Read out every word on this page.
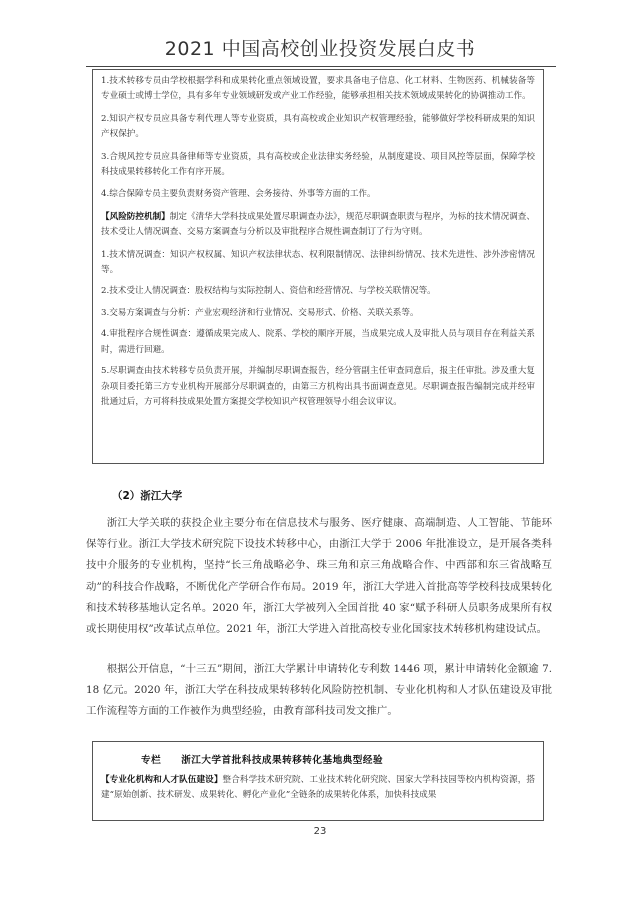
2021 中国高校创业投资发展白皮书

1.技术转移专员由学校根据学科和成果转化重点领域设置，要求具备电子信息、化工材料、生物医药、机械装备等专业硕士或博士学位，具有多年专业领域研发或产业工作经验，能够承担相关技术领域成果转化的协调推动工作。

2.知识产权专员应具备专利代理人等专业资质，具有高校或企业知识产权管理经验，能够做好学校科研成果的知识产权保护。

3.合规风控专员应具备律师等专业资质，具有高校或企业法律实务经验，从制度建设、项目风控等层面，保障学校科技成果转移转化工作有序开展。

4.综合保障专员主要负责财务资产管理、会务接待、外事等方面的工作。

【风险防控机制】制定《清华大学科技成果处置尽职调查办法》，规范尽职调查职责与程序，为标的技术情况调查、技术受让人情况调查、交易方案调查与分析以及审批程序合规性调查制订了行为守则。

1.技术情况调查：知识产权权属、知识产权法律状态、权利限制情况、法律纠纷情况、技术先进性、涉外涉密情况等。

2.技术受让人情况调查：股权结构与实际控制人、资信和经营情况、与学校关联情况等。

3.交易方案调查与分析：产业宏观经济和行业情况、交易形式、价格、关联关系等。

4.审批程序合规性调查：遵循成果完成人、院系、学校的顺序开展，当成果完成人及审批人员与项目存在利益关系时，需进行回避。

5.尽职调查由技术转移专员负责开展，并编制尽职调查报告，经分管副主任审查同意后，报主任审批。涉及重大复杂项目委托第三方专业机构开展部分尽职调查的，由第三方机构出具书面调查意见。尽职调查报告编制完成并经审批通过后，方可将科技成果处置方案提交学校知识产权管理领导小组会议审议。

（2）浙江大学

浙江大学关联的获投企业主要分布在信息技术与服务、医疗健康、高端制造、人工智能、节能环保等行业。浙江大学技术研究院下设技术转移中心，由浙江大学于 2006 年批准设立，是开展各类科技中介服务的专业机构，坚持“长三角战略必争、珠三角和京三角战略合作、中西部和东三省战略互动”的科技合作战略，不断优化产学研合作布局。2019 年，浙江大学进入首批高等学校科技成果转化和技术转移基地认定名单。2020 年，浙江大学被列入全国首批 40 家“赋予科研人员职务成果所有权或长期使用权”改革试点单位。2021 年，浙江大学进入首批高校专业化国家技术转移机构建设试点。

根据公开信息，“十三五”期间，浙江大学累计申请转化专利数 1446 项，累计申请转化金额逾 7.18 亿元。2020 年，浙江大学在科技成果转移转化风险防控机制、专业化机构和人才队伍建设及审批工作流程等方面的工作被作为典型经验，由教育部科技司发文推广。

专栏 浙江大学首批科技成果转移转化基地典型经验

【专业化机构和人才队伍建设】整合科学技术研究院、工业技术转化研究院、国家大学科技园等校内机构资源，搭建“原始创新、技术研发、成果转化、孵化产业化”全链条的成果转化体系，加快科技成果

23
